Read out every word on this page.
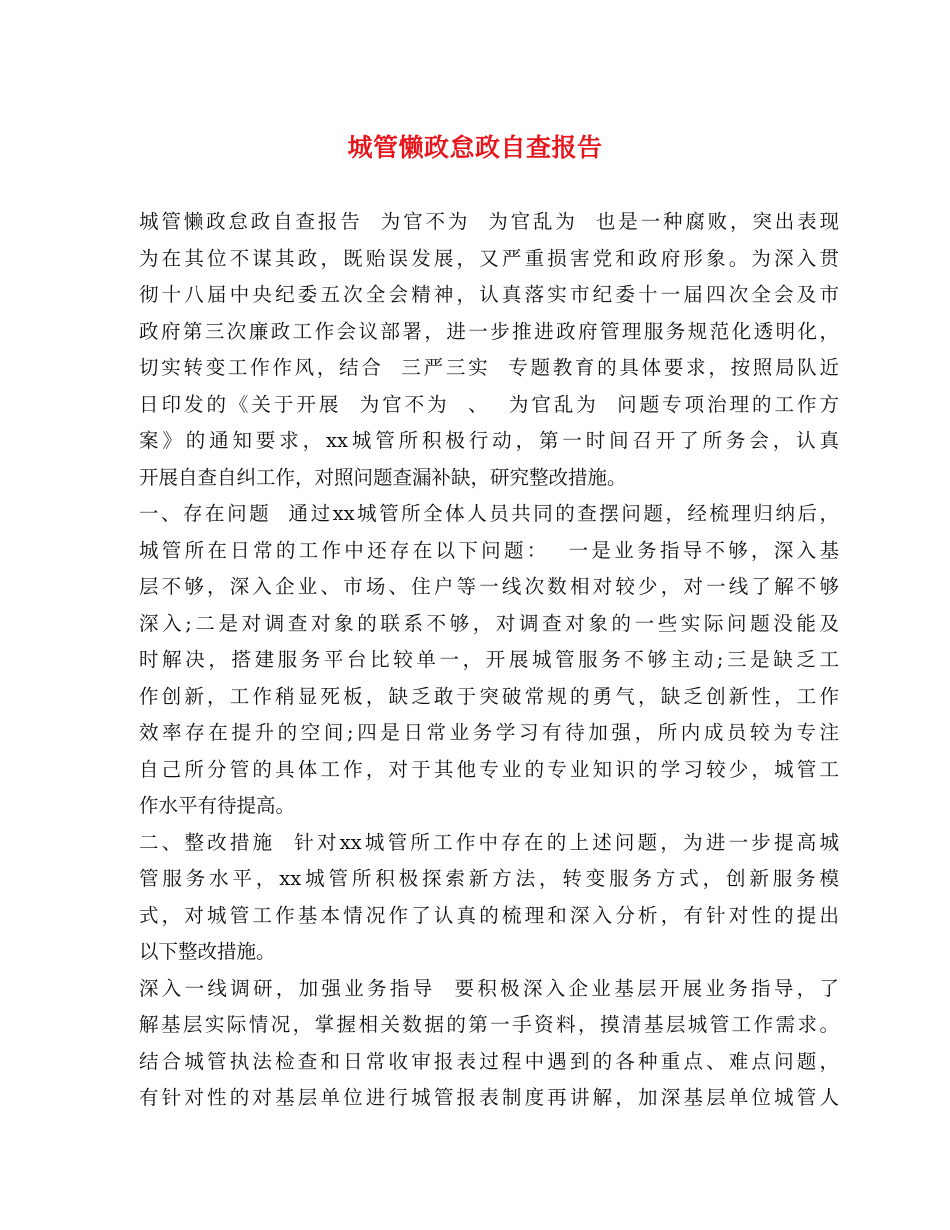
城管懒政怠政自查报告
城管懒政怠政自查报告  为官不为  为官乱为  也是一种腐败，突出表现
为在其位不谋其政，既贻误发展，又严重损害党和政府形象。为深入贯
彻十八届中央纪委五次全会精神，认真落实市纪委十一届四次全会及市
政府第三次廉政工作会议部署，进一步推进政府管理服务规范化透明化，
切实转变工作作风，结合  三严三实  专题教育的具体要求，按照局队近
日印发的《关于开展  为官不为  、  为官乱为  问题专项治理的工作方
案》的通知要求，xx城管所积极行动，第一时间召开了所务会，认真
开展自查自纠工作，对照问题查漏补缺，研究整改措施。
一、存在问题  通过xx城管所全体人员共同的查摆问题，经梳理归纳后，
城管所在日常的工作中还存在以下问题：  一是业务指导不够，深入基
层不够，深入企业、市场、住户等一线次数相对较少，对一线了解不够
深入;二是对调查对象的联系不够，对调查对象的一些实际问题没能及
时解决，搭建服务平台比较单一，开展城管服务不够主动;三是缺乏工
作创新，工作稍显死板，缺乏敢于突破常规的勇气，缺乏创新性，工作
效率存在提升的空间;四是日常业务学习有待加强，所内成员较为专注
自己所分管的具体工作，对于其他专业的专业知识的学习较少，城管工
作水平有待提高。
二、整改措施  针对xx城管所工作中存在的上述问题，为进一步提高城
管服务水平，xx城管所积极探索新方法，转变服务方式，创新服务模
式，对城管工作基本情况作了认真的梳理和深入分析，有针对性的提出
以下整改措施。
深入一线调研，加强业务指导  要积极深入企业基层开展业务指导，了
解基层实际情况，掌握相关数据的第一手资料，摸清基层城管工作需求。
结合城管执法检查和日常收审报表过程中遇到的各种重点、难点问题，
有针对性的对基层单位进行城管报表制度再讲解，加深基层单位城管人
